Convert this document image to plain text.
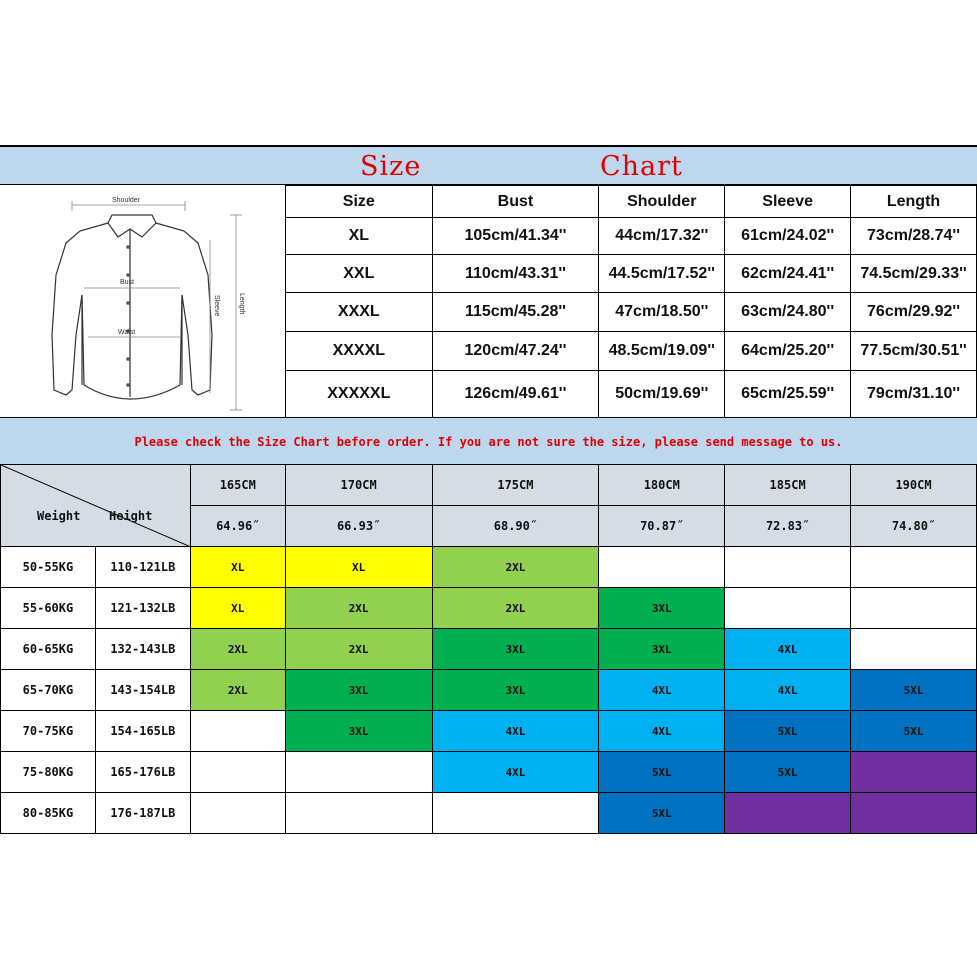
Size	Chart
Shoulder
Bust
Waist
Sleeve	Length
Size	Bust	Shoulder	Sleeve	Length
XL	105cm/41.34''	44cm/17.32''	61cm/24.02''	73cm/28.74''
XXL	110cm/43.31''	44.5cm/17.52''	62cm/24.41''	74.5cm/29.33''
XXXL	115cm/45.28''	47cm/18.50''	63cm/24.80''	76cm/29.92''
XXXXL	120cm/47.24''	48.5cm/19.09''	64cm/25.20''	77.5cm/30.51''
XXXXXL	126cm/49.61''	50cm/19.69''	65cm/25.59''	79cm/31.10''
Please check the Size Chart before order. If you are not sure the size, please send message to us.
Weight Height		165CM	170CM	175CM	180CM	185CM	190CM
		64.96˝	66.93˝	68.90˝	70.87˝	72.83˝	74.80˝
50-55KG	110-121LB	XL	XL	2XL			
55-60KG	121-132LB	XL	2XL	2XL	3XL		
60-65KG	132-143LB	2XL	2XL	3XL	3XL	4XL	
65-70KG	143-154LB	2XL	3XL	3XL	4XL	4XL	5XL
70-75KG	154-165LB		3XL	4XL	4XL	5XL	5XL
75-80KG	165-176LB			4XL	5XL	5XL	
80-85KG	176-187LB				5XL		
